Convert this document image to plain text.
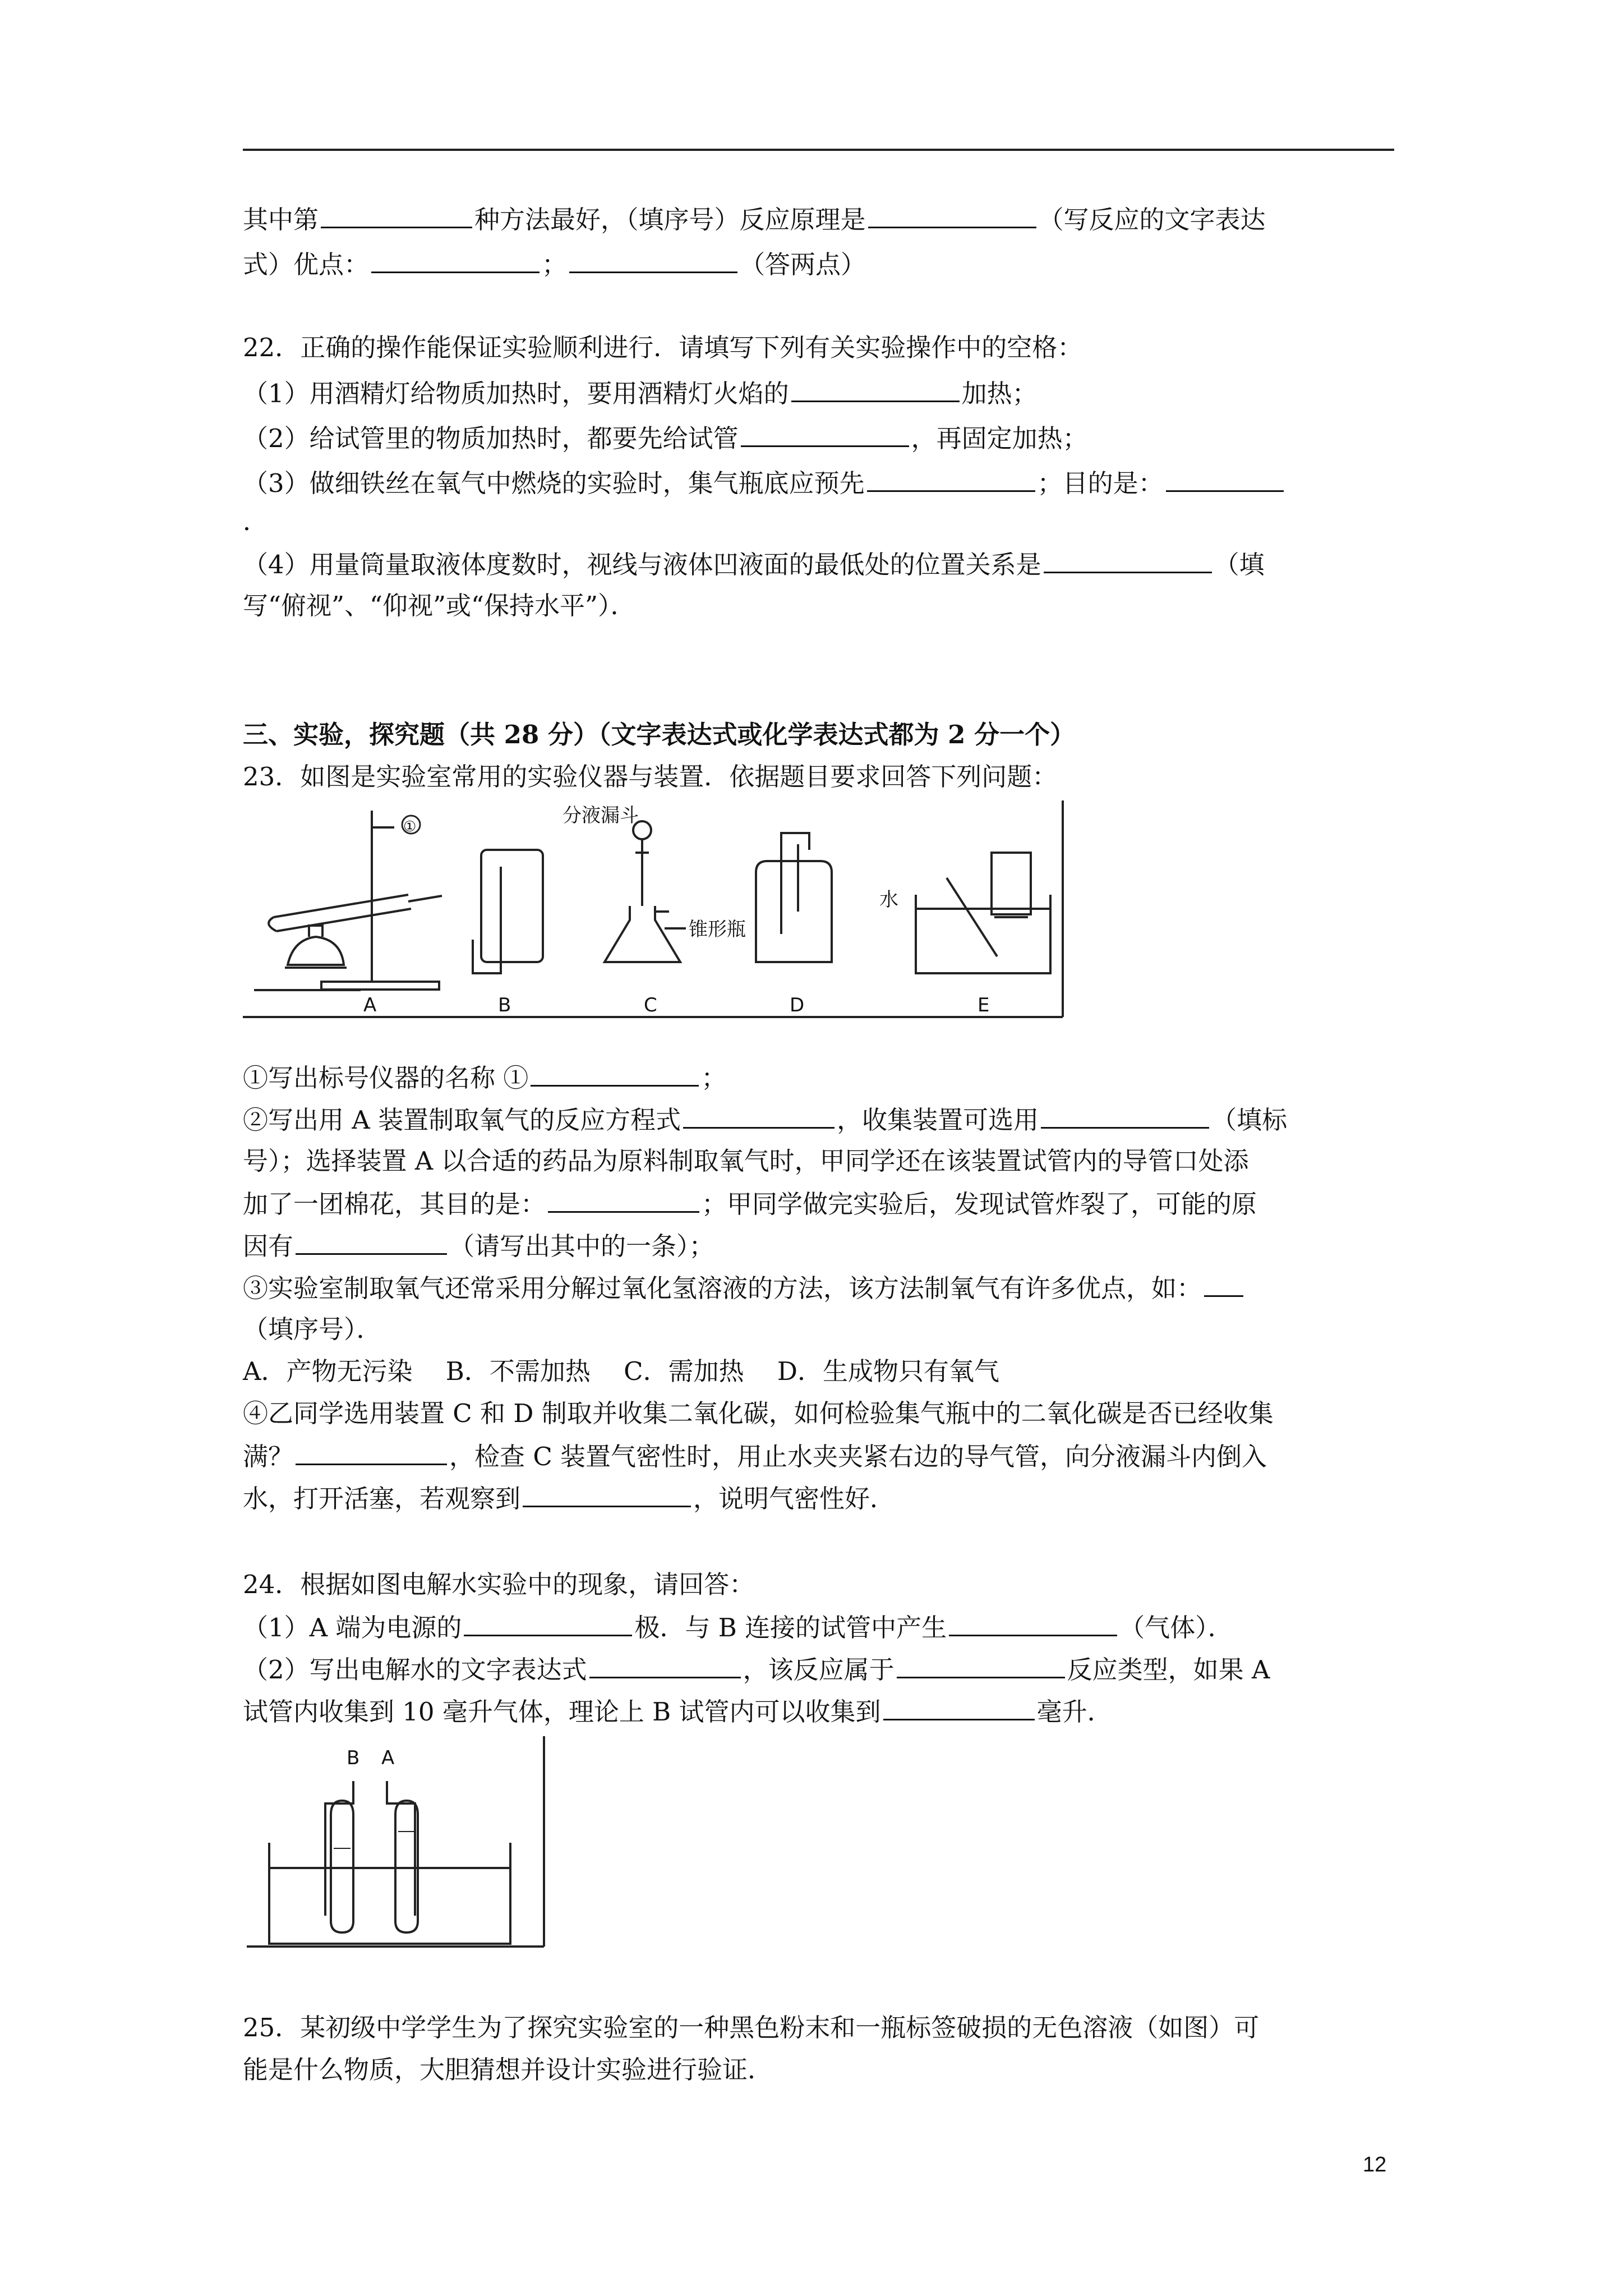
其中第	种方法最好，（填序号）反应原理是	（写反应的文字表达
式）优点：	；	（答两点）
22．正确的操作能保证实验顺利进行．请填写下列有关实验操作中的空格：
（1）用酒精灯给物质加热时，要用酒精灯火焰的	加热；
（2）给试管里的物质加热时，都要先给试管	，再固定加热；
（3）做细铁丝在氧气中燃烧的实验时，集气瓶底应预先	；目的是：
．
（4）用量筒量取液体度数时，视线与液体凹液面的最低处的位置关系是	（填
写“俯视”、“仰视”或“保持水平”）．
三、实验，探究题（共 28 分）（文字表达式或化学表达式都为 2 分一个）
23．如图是实验室常用的实验仪器与装置．依据题目要求回答下列问题：
①	分液漏斗
锥形瓶
水
A	B	C	D	E
①写出标号仪器的名称 ①	；
②写出用 A 装置制取氧气的反应方程式	，收集装置可选用	（填标
号）；选择装置 A 以合适的药品为原料制取氧气时，甲同学还在该装置试管内的导管口处添
加了一团棉花，其目的是：	；甲同学做完实验后，发现试管炸裂了，可能的原
因有	（请写出其中的一条）；
③实验室制取氧气还常采用分解过氧化氢溶液的方法，该方法制氧气有许多优点，如：
（填序号）．
A．产物无污染　 B．不需加热　 C．需加热　 D．生成物只有氧气
④乙同学选用装置 C 和 D 制取并收集二氧化碳，如何检验集气瓶中的二氧化碳是否已经收集
满？	，检查 C 装置气密性时，用止水夹夹紧右边的导气管，向分液漏斗内倒入
水，打开活塞，若观察到	，说明气密性好．
24．根据如图电解水实验中的现象，请回答：
（1）A 端为电源的	极．与 B 连接的试管中产生	（气体）．
（2）写出电解水的文字表达式	，该反应属于	反应类型，如果 A
试管内收集到 10 毫升气体，理论上 B 试管内可以收集到	毫升．
B A
25．某初级中学学生为了探究实验室的一种黑色粉末和一瓶标签破损的无色溶液（如图）可
能是什么物质，大胆猜想并设计实验进行验证．
12
